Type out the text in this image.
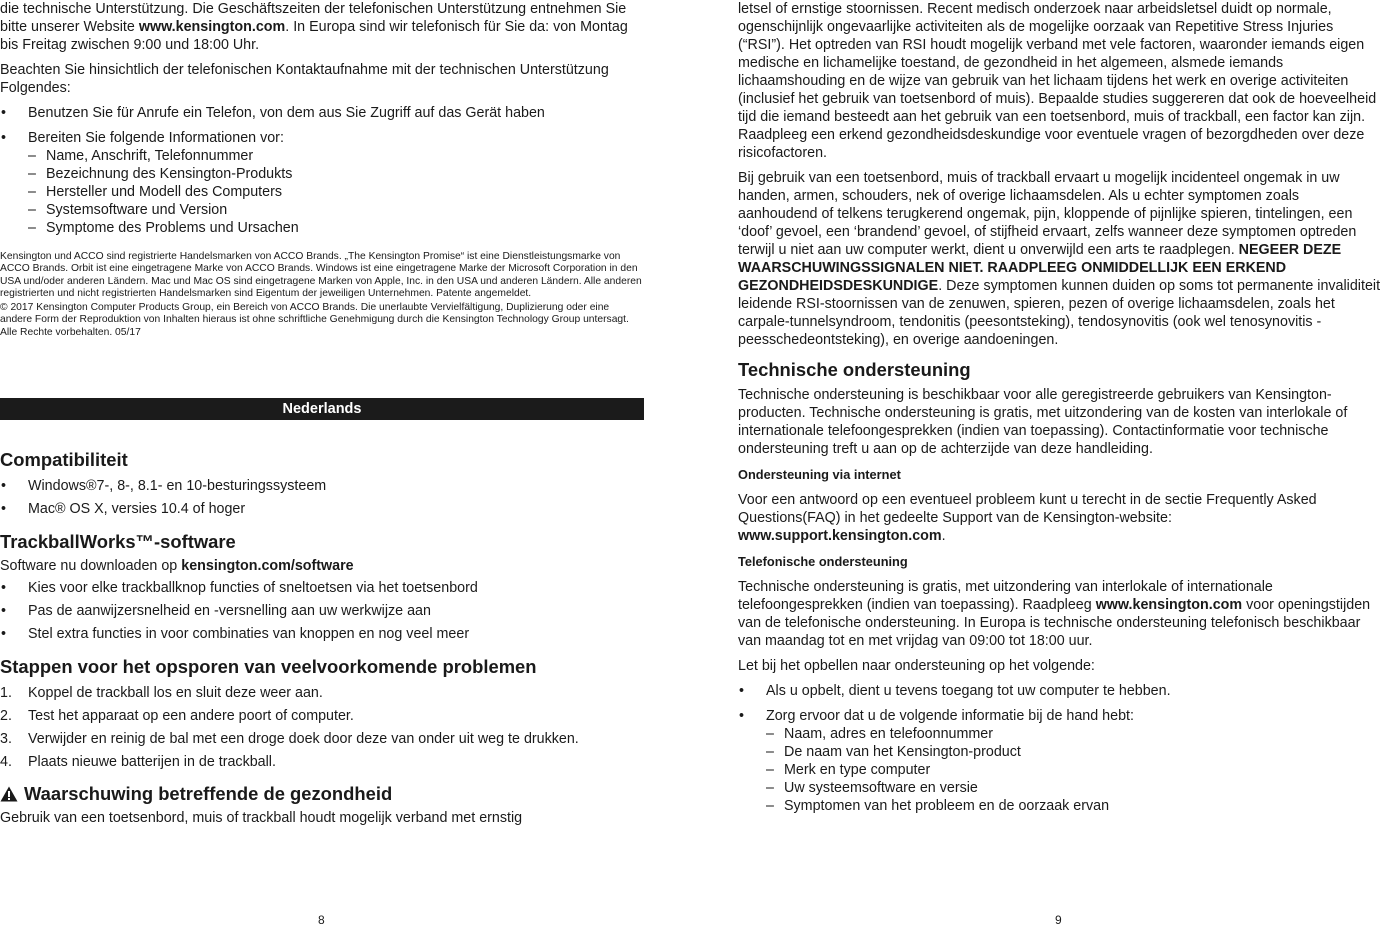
die technische Unterstützung. Die Geschäftszeiten der telefonischen Unterstützung entnehmen Sie bitte unserer Website www.kensington.com. In Europa sind wir telefonisch für Sie da: von Montag bis Freitag zwischen 9:00 und 18:00 Uhr.

Beachten Sie hinsichtlich der telefonischen Kontaktaufnahme mit der technischen Unterstützung Folgendes:

• Benutzen Sie für Anrufe ein Telefon, von dem aus Sie Zugriff auf das Gerät haben
• Bereiten Sie folgende Informationen vor:
– Name, Anschrift, Telefonnummer
– Bezeichnung des Kensington-Produkts
– Hersteller und Modell des Computers
– Systemsoftware und Version
– Symptome des Problems und Ursachen

Kensington und ACCO sind registrierte Handelsmarken von ACCO Brands. „The Kensington Promise“ ist eine Dienstleistungsmarke von ACCO Brands. Orbit ist eine eingetragene Marke von ACCO Brands. Windows ist eine eingetragene Marke der Microsoft Corporation in den USA und/oder anderen Ländern. Mac und Mac OS sind eingetragene Marken von Apple, Inc. in den USA und anderen Ländern. Alle anderen registrierten und nicht registrierten Handelsmarken sind Eigentum der jeweiligen Unternehmen. Patente angemeldet.

© 2017 Kensington Computer Products Group, ein Bereich von ACCO Brands. Die unerlaubte Vervielfältigung, Duplizierung oder eine andere Form der Reproduktion von Inhalten hieraus ist ohne schriftliche Genehmigung durch die Kensington Technology Group untersagt. Alle Rechte vorbehalten. 05/17

Nederlands

Compatibiliteit

• Windows®7-, 8-, 8.1- en 10-besturingssysteem
• Mac® OS X, versies 10.4 of hoger

TrackballWorks™-software

Software nu downloaden op kensington.com/software

• Kies voor elke trackballknop functies of sneltoetsen via het toetsenbord
• Pas de aanwijzersnelheid en -versnelling aan uw werkwijze aan
• Stel extra functies in voor combinaties van knoppen en nog veel meer

Stappen voor het opsporen van veelvoorkomende problemen

1. Koppel de trackball los en sluit deze weer aan.
2. Test het apparaat op een andere poort of computer.
3. Verwijder en reinig de bal met een droge doek door deze van onder uit weg te drukken.
4. Plaats nieuwe batterijen in de trackball.

Waarschuwing betreffende de gezondheid

Gebruik van een toetsenbord, muis of trackball houdt mogelijk verband met ernstig

8

letsel of ernstige stoornissen. Recent medisch onderzoek naar arbeidsletsel duidt op normale, ogenschijnlijk ongevaarlijke activiteiten als de mogelijke oorzaak van Repetitive Stress Injuries (“RSI”). Het optreden van RSI houdt mogelijk verband met vele factoren, waaronder iemands eigen medische en lichamelijke toestand, de gezondheid in het algemeen, alsmede iemands lichaamshouding en de wijze van gebruik van het lichaam tijdens het werk en overige activiteiten (inclusief het gebruik van toetsenbord of muis). Bepaalde studies suggereren dat ook de hoeveelheid tijd die iemand besteedt aan het gebruik van een toetsenbord, muis of trackball, een factor kan zijn. Raadpleeg een erkend gezondheidsdeskundige voor eventuele vragen of bezorgdheden over deze risicofactoren.

Bij gebruik van een toetsenbord, muis of trackball ervaart u mogelijk incidenteel ongemak in uw handen, armen, schouders, nek of overige lichaamsdelen. Als u echter symptomen zoals aanhoudend of telkens terugkerend ongemak, pijn, kloppende of pijnlijke spieren, tintelingen, een ‘doof’ gevoel, een ‘brandend’ gevoel, of stijfheid ervaart, zelfs wanneer deze symptomen optreden terwijl u niet aan uw computer werkt, dient u onverwijld een arts te raadplegen. NEGEER DEZE WAARSCHUWINGSSIGNALEN NIET. RAADPLEEG ONMIDDELLIJK EEN ERKEND GEZONDHEIDSDESKUNDIGE. Deze symptomen kunnen duiden op soms tot permanente invaliditeit leidende RSI-stoornissen van de zenuwen, spieren, pezen of overige lichaamsdelen, zoals het carpale-tunnelsyndroom, tendonitis (peesontsteking), tendosynovitis (ook wel tenosynovitis - peesschedeontsteking), en overige aandoeningen.

Technische ondersteuning

Technische ondersteuning is beschikbaar voor alle geregistreerde gebruikers van Kensington-producten. Technische ondersteuning is gratis, met uitzondering van de kosten van interlokale of internationale telefoongesprekken (indien van toepassing). Contactinformatie voor technische ondersteuning treft u aan op de achterzijde van deze handleiding.

Ondersteuning via internet

Voor een antwoord op een eventueel probleem kunt u terecht in de sectie Frequently Asked Questions(FAQ) in het gedeelte Support van de Kensington-website: www.support.kensington.com.

Telefonische ondersteuning

Technische ondersteuning is gratis, met uitzondering van interlokale of internationale telefoongesprekken (indien van toepassing). Raadpleeg www.kensington.com voor openingstijden van de telefonische ondersteuning. In Europa is technische ondersteuning telefonisch beschikbaar van maandag tot en met vrijdag van 09:00 tot 18:00 uur.

Let bij het opbellen naar ondersteuning op het volgende:

• Als u opbelt, dient u tevens toegang tot uw computer te hebben.
• Zorg ervoor dat u de volgende informatie bij de hand hebt:
– Naam, adres en telefoonnummer
– De naam van het Kensington-product
– Merk en type computer
– Uw systeemsoftware en versie
– Symptomen van het probleem en de oorzaak ervan
9
